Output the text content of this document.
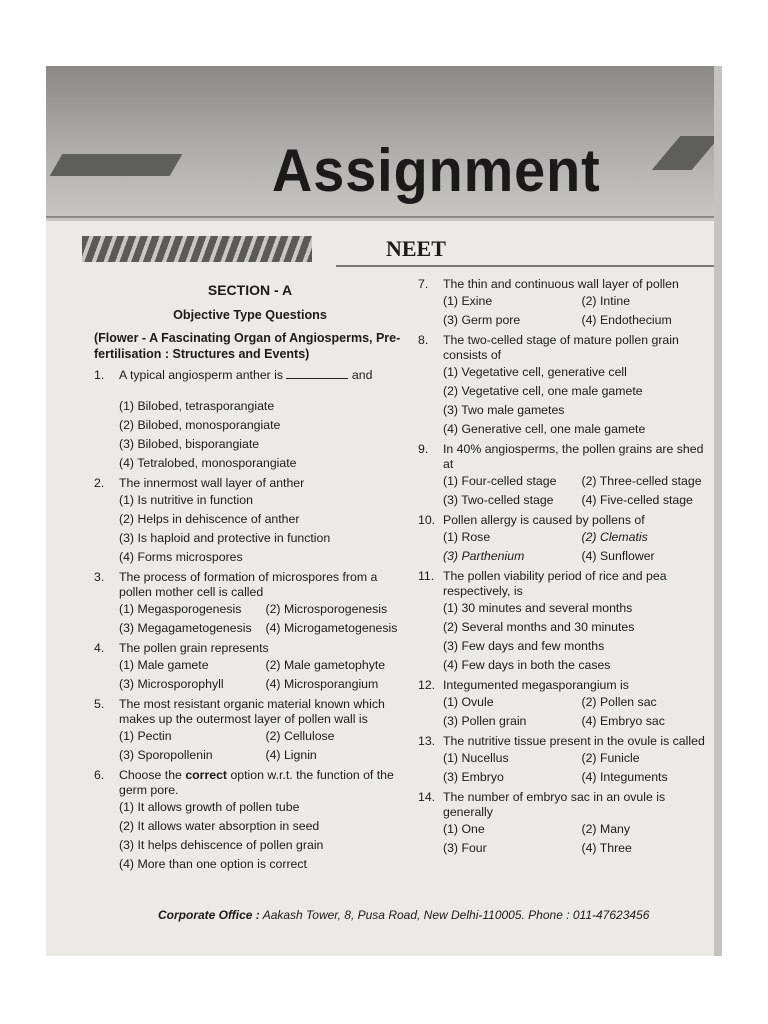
Assignment
NEET
SECTION - A
Objective Type Questions
(Flower - A Fascinating Organ of Angiosperms, Pre-fertilisation : Structures and Events)
1.	A typical angiosperm anther is	and
(1) Bilobed, tetrasporangiate
(2) Bilobed, monosporangiate
(3) Bilobed, bisporangiate
(4) Tetralobed, monosporangiate
2.	The innermost wall layer of anther
(1) Is nutritive in function
(2) Helps in dehiscence of anther
(3) Is haploid and protective in function
(4) Forms microspores
3.	The process of formation of microspores from a pollen mother cell is called
(1) Megasporogenesis	(2) Microsporogenesis
(3) Megagametogenesis	(4) Microgametogenesis
4.	The pollen grain represents
(1) Male gamete	(2) Male gametophyte
(3) Microsporophyll	(4) Microsporangium
5.	The most resistant organic material known which makes up the outermost layer of pollen wall is
(1) Pectin	(2) Cellulose
(3) Sporopollenin	(4) Lignin
6.	Choose the correct option w.r.t. the function of the germ pore.
(1) It allows growth of pollen tube
(2) It allows water absorption in seed
(3) It helps dehiscence of pollen grain
(4) More than one option is correct
7.	The thin and continuous wall layer of pollen
(1) Exine	(2) Intine
(3) Germ pore	(4) Endothecium
8.	The two-celled stage of mature pollen grain consists of
(1) Vegetative cell, generative cell
(2) Vegetative cell, one male gamete
(3) Two male gametes
(4) Generative cell, one male gamete
9.	In 40% angiosperms, the pollen grains are shed at
(1) Four-celled stage	(2) Three-celled stage
(3) Two-celled stage	(4) Five-celled stage
10. Pollen allergy is caused by pollens of
(1) Rose	(2) Clematis
(3) Parthenium	(4) Sunflower
11. The pollen viability period of rice and pea respectively, is
(1) 30 minutes and several months
(2) Several months and 30 minutes
(3) Few days and few months
(4) Few days in both the cases
12. Integumented megasporangium is
(1) Ovule	(2) Pollen sac
(3) Pollen grain	(4) Embryo sac
13. The nutritive tissue present in the ovule is called
(1) Nucellus	(2) Funicle
(3) Embryo	(4) Integuments
14. The number of embryo sac in an ovule is generally
(1) One	(2) Many
(3) Four	(4) Three
Corporate Office : Aakash Tower, 8, Pusa Road, New Delhi-110005. Phone : 011-47623456
